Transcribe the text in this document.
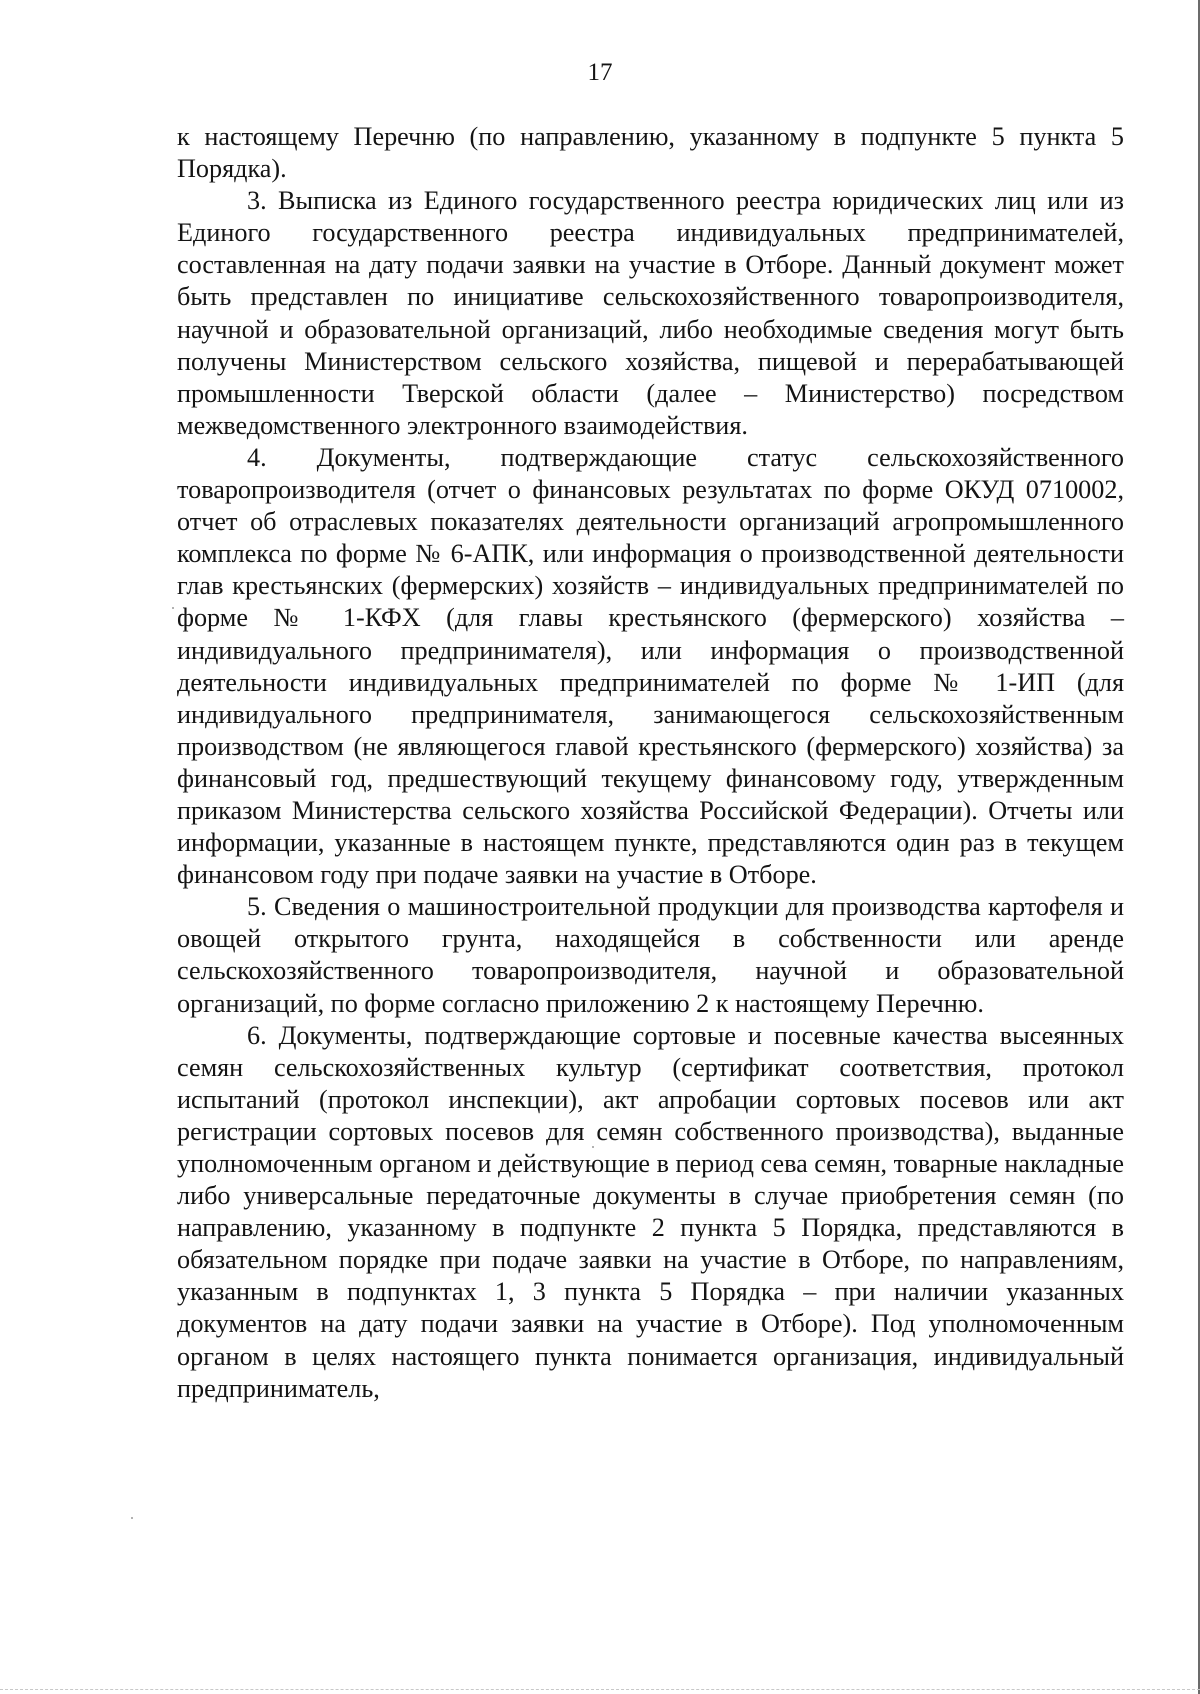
17

к настоящему Перечню (по направлению, указанному в подпункте 5 пункта 5 Порядка).

3. Выписка из Единого государственного реестра юридических лиц или из Единого государственного реестра индивидуальных предпринимателей, составленная на дату подачи заявки на участие в Отборе. Данный документ может быть представлен по инициативе сельскохозяйственного товаропроизводителя, научной и образовательной организаций, либо необходимые сведения могут быть получены Министерством сельского хозяйства, пищевой и перерабатывающей промышленности Тверской области (далее – Министерство) посредством межведомственного электронного взаимодействия.

4. Документы, подтверждающие статус сельскохозяйственного товаропроизводителя (отчет о финансовых результатах по форме ОКУД 0710002, отчет об отраслевых показателях деятельности организаций агропромышленного комплекса по форме № 6-АПК, или информация о производственной деятельности глав крестьянских (фермерских) хозяйств – индивидуальных предпринимателей по форме № 1-КФХ (для главы крестьянского (фермерского) хозяйства – индивидуального предпринимателя), или информация о производственной деятельности индивидуальных предпринимателей по форме № 1-ИП (для индивидуального предпринимателя, занимающегося сельскохозяйственным производством (не являющегося главой крестьянского (фермерского) хозяйства) за финансовый год, предшествующий текущему финансовому году, утвержденным приказом Министерства сельского хозяйства Российской Федерации). Отчеты или информации, указанные в настоящем пункте, представляются один раз в текущем финансовом году при подаче заявки на участие в Отборе.

5. Сведения о машиностроительной продукции для производства картофеля и овощей открытого грунта, находящейся в собственности или аренде сельскохозяйственного товаропроизводителя, научной и образовательной организаций, по форме согласно приложению 2 к настоящему Перечню.

6. Документы, подтверждающие сортовые и посевные качества высеянных семян сельскохозяйственных культур (сертификат соответствия, протокол испытаний (протокол инспекции), акт апробации сортовых посевов или акт регистрации сортовых посевов для семян собственного производства), выданные уполномоченным органом и действующие в период сева семян, товарные накладные либо универсальные передаточные документы в случае приобретения семян (по направлению, указанному в подпункте 2 пункта 5 Порядка, представляются в обязательном порядке при подаче заявки на участие в Отборе, по направлениям, указанным в подпунктах 1, 3 пункта 5 Порядка – при наличии указанных документов на дату подачи заявки на участие в Отборе). Под уполномоченным органом в целях настоящего пункта понимается организация, индивидуальный предприниматель,
